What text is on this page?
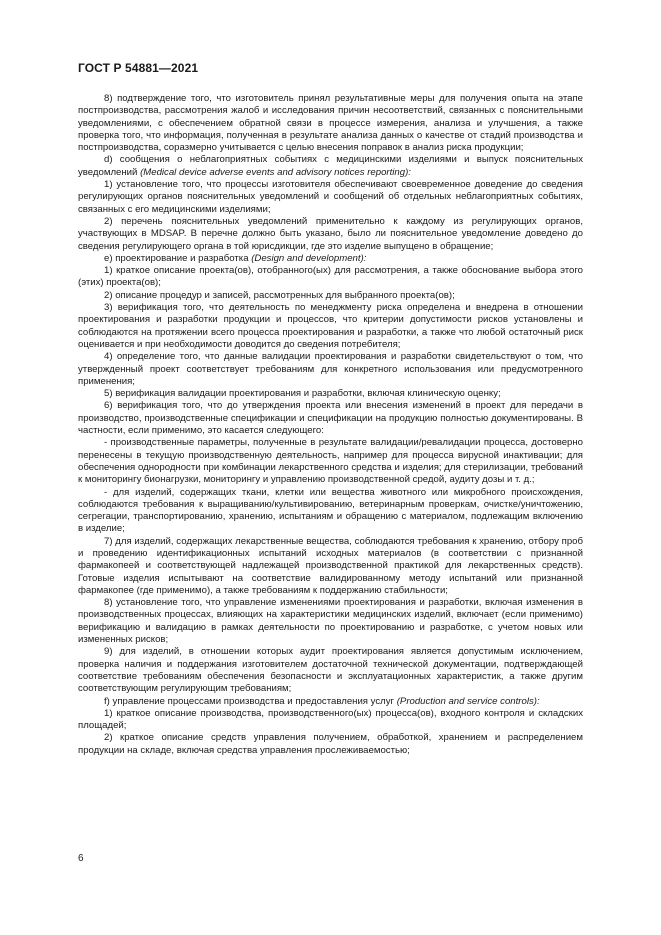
ГОСТ Р 54881—2021

8) подтверждение того, что изготовитель принял результативные меры для получения опыта на этапе постпроизводства, рассмотрения жалоб и исследования причин несоответствий, связанных с пояснительными уведомлениями, с обеспечением обратной связи в процессе измерения, анализа и улучшения, а также проверка того, что информация, полученная в результате анализа данных о качестве от стадий производства и постпроизводства, соразмерно учитывается с целью внесения поправок в анализ риска продукции;

d) сообщения о неблагоприятных событиях с медицинскими изделиями и выпуск пояснительных уведомлений (Medical device adverse events and advisory notices reporting):

1) установление того, что процессы изготовителя обеспечивают своевременное доведение до сведения регулирующих органов пояснительных уведомлений и сообщений об отдельных неблагоприятных событиях, связанных с его медицинскими изделиями;

2) перечень пояснительных уведомлений применительно к каждому из регулирующих органов, участвующих в MDSAP. В перечне должно быть указано, было ли пояснительное уведомление доведено до сведения регулирующего органа в той юрисдикции, где это изделие выпущено в обращение;

e) проектирование и разработка (Design and development):

1) краткое описание проекта(ов), отобранного(ых) для рассмотрения, а также обоснование выбора этого (этих) проекта(ов);

2) описание процедур и записей, рассмотренных для выбранного проекта(ов);

3) верификация того, что деятельность по менеджменту риска определена и внедрена в отношении проектирования и разработки продукции и процессов, что критерии допустимости рисков установлены и соблюдаются на протяжении всего процесса проектирования и разработки, а также что любой остаточный риск оценивается и при необходимости доводится до сведения потребителя;

4) определение того, что данные валидации проектирования и разработки свидетельствуют о том, что утвержденный проект соответствует требованиям для конкретного использования или предусмотренного применения;

5) верификация валидации проектирования и разработки, включая клиническую оценку;

6) верификация того, что до утверждения проекта или внесения изменений в проект для передачи в производство, производственные спецификации и спецификации на продукцию полностью документированы. В частности, если применимо, это касается следующего:

- производственные параметры, полученные в результате валидации/ревалидации процесса, достоверно перенесены в текущую производственную деятельность, например для процесса вирусной инактивации; для обеспечения однородности при комбинации лекарственного средства и изделия; для стерилизации, требований к мониторингу бионагрузки, мониторингу и управлению производственной средой, аудиту дозы и т. д.;

- для изделий, содержащих ткани, клетки или вещества животного или микробного происхождения, соблюдаются требования к выращиванию/культивированию, ветеринарным проверкам, очистке/уничтожению, сегрегации, транспортированию, хранению, испытаниям и обращению с материалом, подлежащим включению в изделие;

7) для изделий, содержащих лекарственные вещества, соблюдаются требования к хранению, отбору проб и проведению идентификационных испытаний исходных материалов (в соответствии с признанной фармакопеей и соответствующей надлежащей производственной практикой для лекарственных средств). Готовые изделия испытывают на соответствие валидированному методу испытаний или признанной фармакопее (где применимо), а также требованиям к поддержанию стабильности;

8) установление того, что управление изменениями проектирования и разработки, включая изменения в производственных процессах, влияющих на характеристики медицинских изделий, включает (если применимо) верификацию и валидацию в рамках деятельности по проектированию и разработке, с учетом новых или измененных рисков;

9) для изделий, в отношении которых аудит проектирования является допустимым исключением, проверка наличия и поддержания изготовителем достаточной технической документации, подтверждающей соответствие требованиям обеспечения безопасности и эксплуатационных характеристик, а также другим соответствующим регулирующим требованиям;

f) управление процессами производства и предоставления услуг (Production and service controls):

1) краткое описание производства, производственного(ых) процесса(ов), входного контроля и складских площадей;

2) краткое описание средств управления получением, обработкой, хранением и распределением продукции на складе, включая средства управления прослеживаемостью;

6
